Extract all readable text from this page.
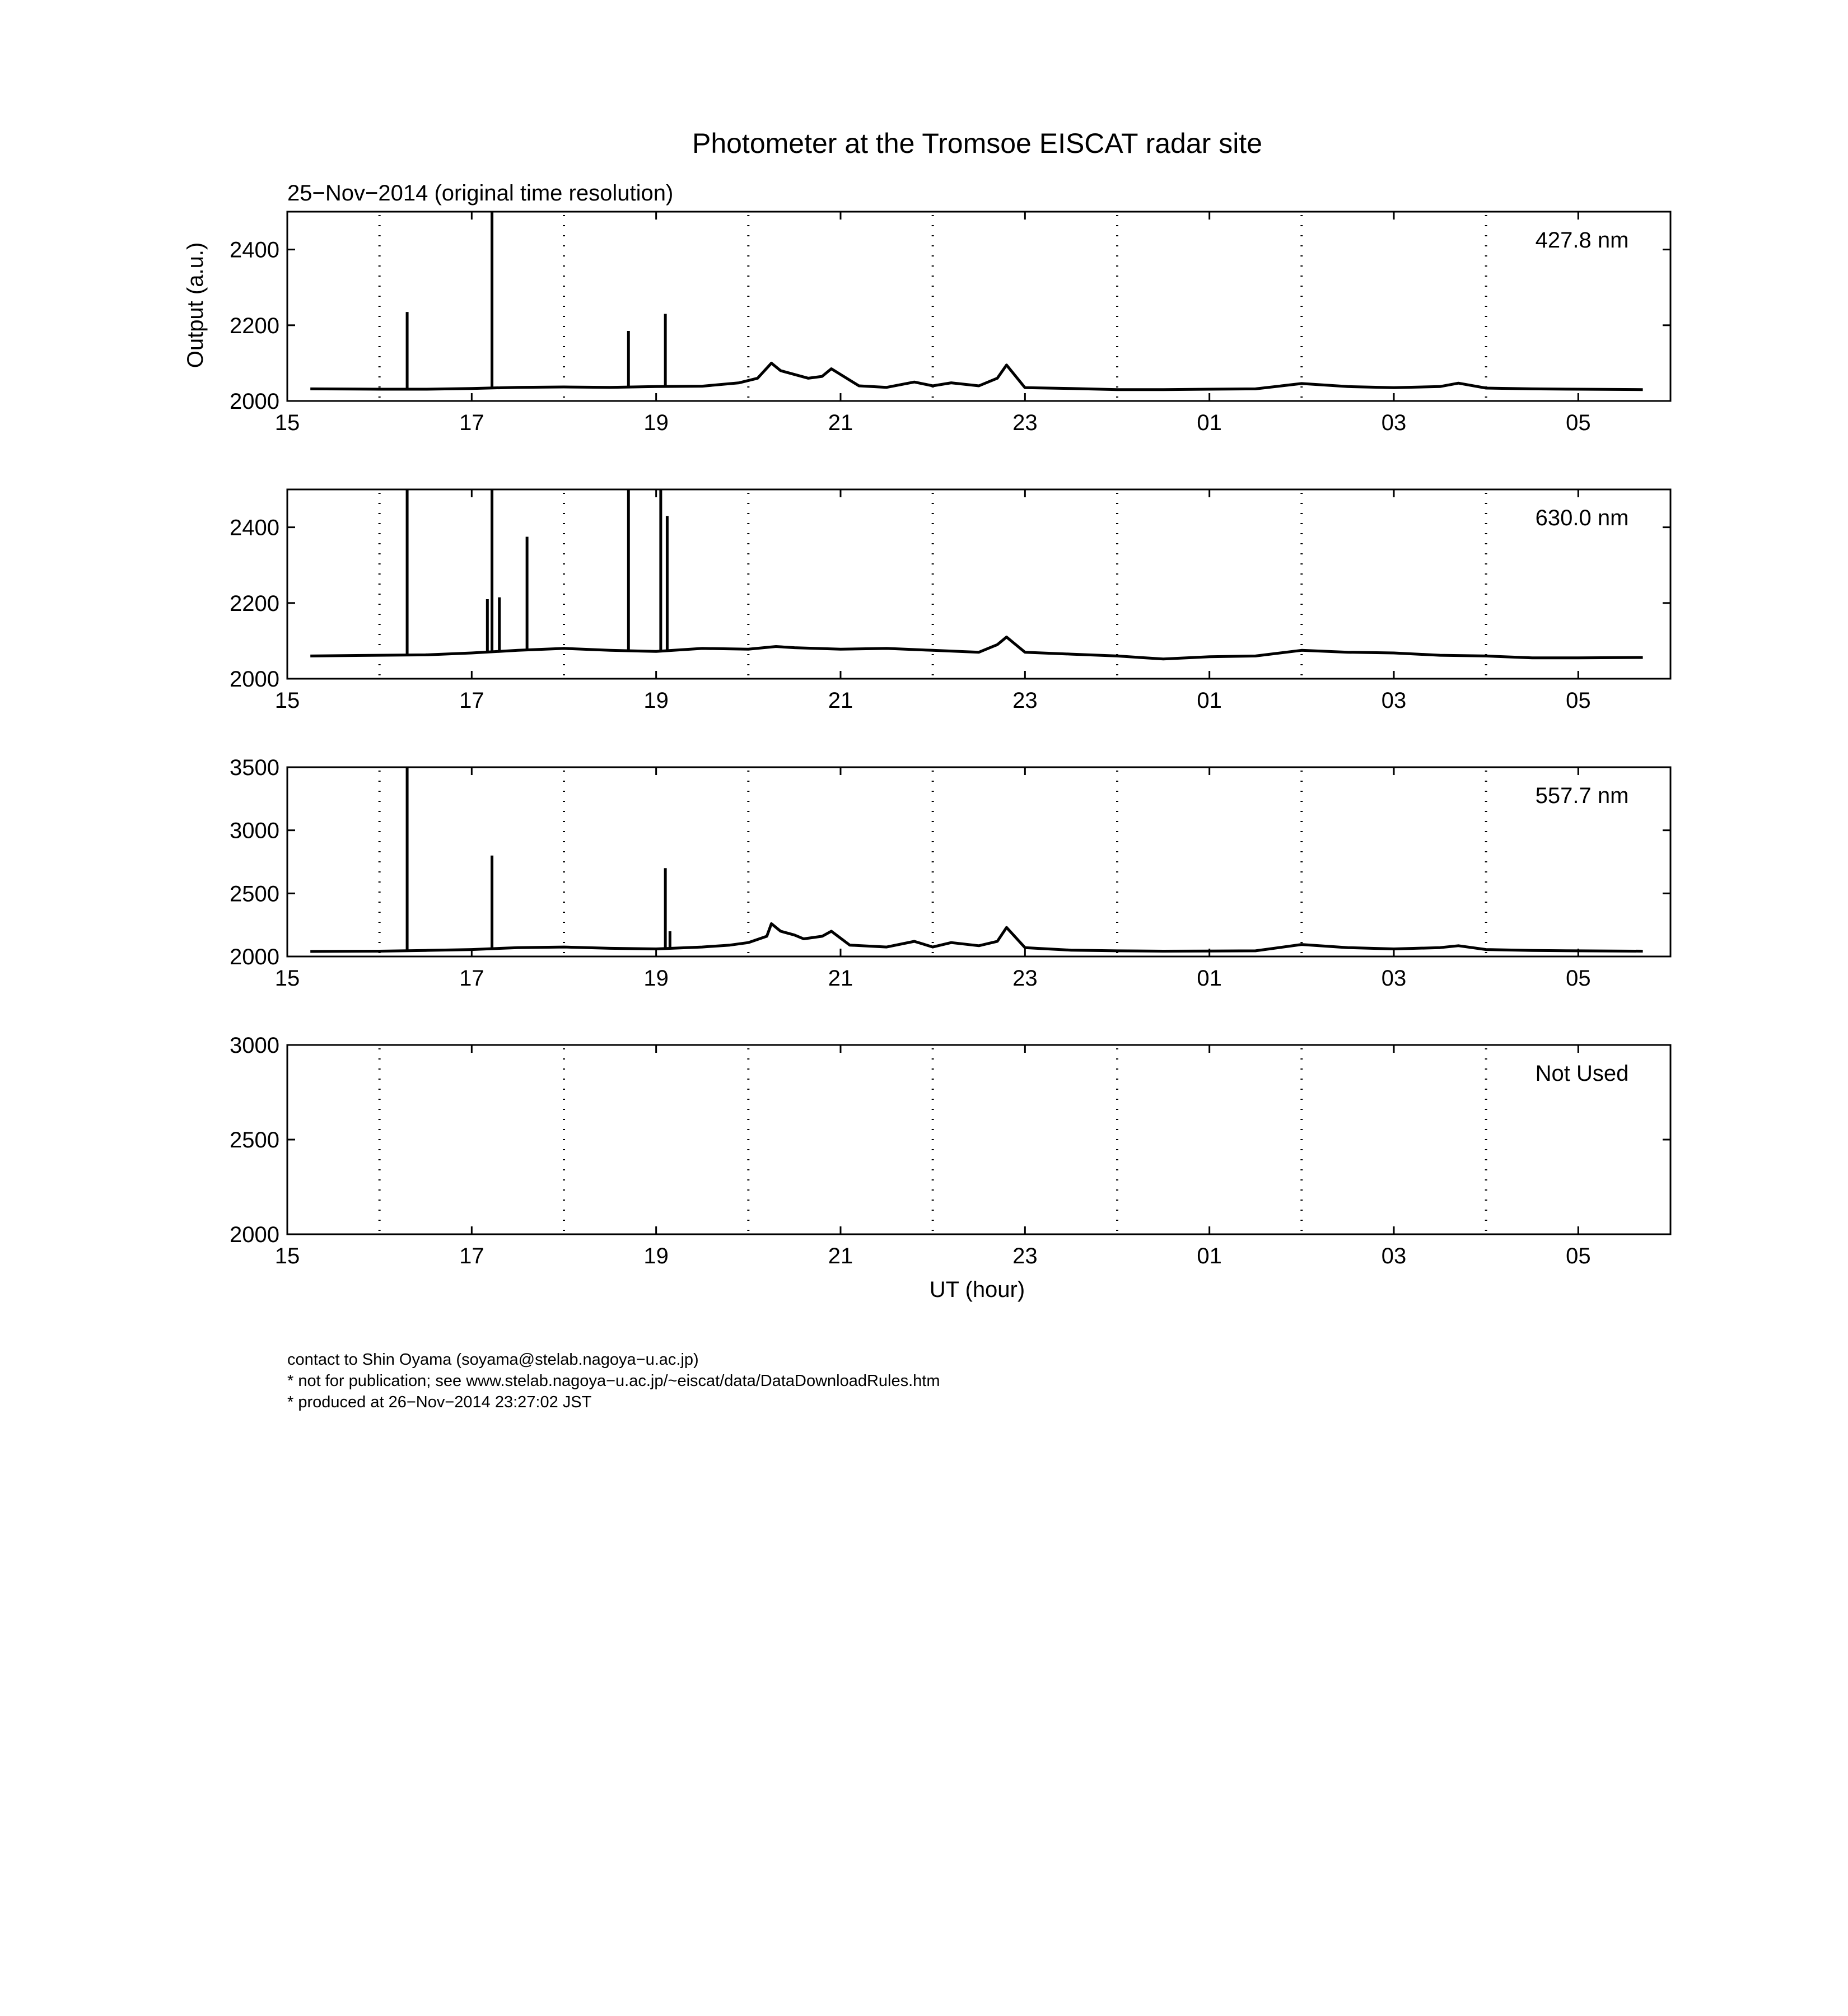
Photometer at the Tromsoe EISCAT radar site
25−Nov−2014 (original time resolution)
Output (a.u.)
15	17	19	21	23	01	03	05
2000
2200
2400	427.8 nm
15	17	19	21	23	01	03	05
2000
2200
2400	630.0 nm
15	17	19	21	23	01	03	05
2000
2500
3000
3500
557.7 nm
15	17	19	21	23	01	03	05
2000
2500
3000
Not Used
UT (hour)
contact to Shin Oyama (soyama@stelab.nagoya−u.ac.jp)
* not for publication; see www.stelab.nagoya−u.ac.jp/~eiscat/data/DataDownloadRules.htm
* produced at 26−Nov−2014 23:27:02 JST
